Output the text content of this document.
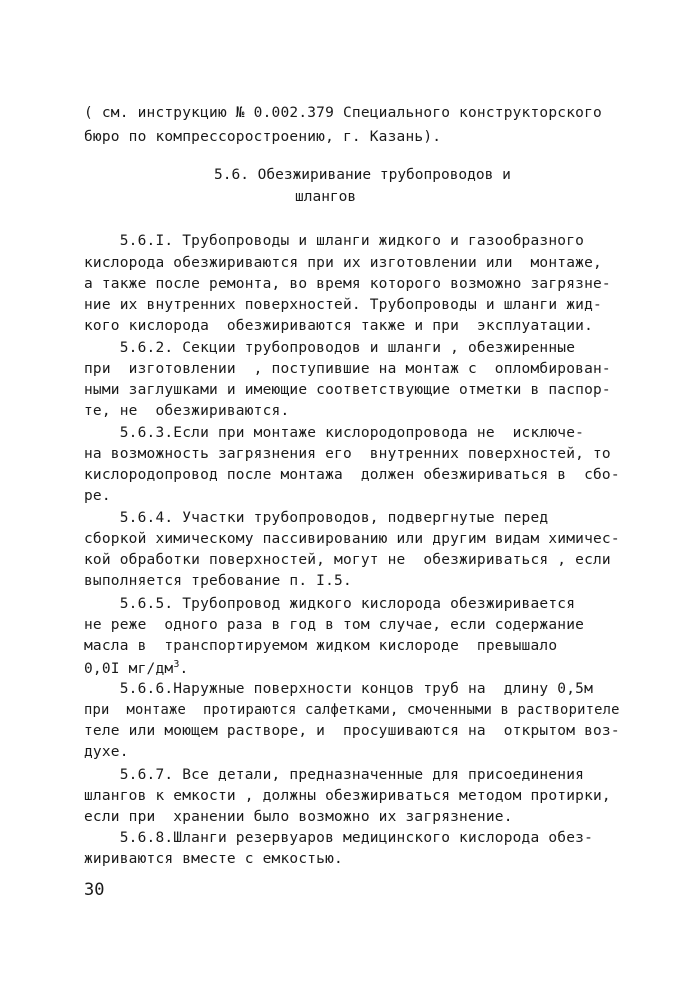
( см. инструкцию № 0.002.379 Специального конструкторского
бюро по компрессоростроению, г. Казань).
5.6. Обезжиривание трубопроводов и
шлангов
5.6.I. Трубопроводы и шланги жидкого и газообразного
кислорода обезжириваются при их изготовлении или  монтаже,
а также после ремонта, во время которого возможно загрязне-
ние их внутренних поверхностей. Трубопроводы и шланги жид-
кого кислорода  обезжириваются также и при  эксплуатации.
5.6.2. Секции трубопроводов и шланги , обезжиренные
при  изготовлении  , поступившие на монтаж с  опломбирован-
ными заглушками и имеющие соответствующие отметки в паспор-
те, не  обезжириваются.
5.6.3.Если при монтаже кислородопровода не  исключе-
на возможность загрязнения его  внутренних поверхностей, то
кислородопровод после монтажа  должен обезжириваться в  сбо-
ре.
5.6.4. Участки трубопроводов, подвергнутые перед
сборкой химическому пассивированию или другим видам химичес-
кой обработки поверхностей, могут не  обезжириваться , если
выполняется требование п. I.5.
5.6.5. Трубопровод жидкого кислорода обезжиривается
не реже  одного раза в год в том случае, если содержание
масла в  транспортируемом жидком кислороде  превышало
0,0I $мг/дм^3$.
5.6.6.Наружные поверхности концов труб на  длину 0,5м
при  монтаже  протираются салфетками, смоченными в растворителе
теле или моющем растворе, и  просушиваются на  открытом воз-
духе.
5.6.7. Все детали, предназначенные для присоединения
шлангов к емкости , должны обезжириваться методом протирки,
если при  хранении было возможно их загрязнение.
5.6.8.Шланги резервуаров медицинского кислорода обез-
жириваются вместе с емкостью.
30
